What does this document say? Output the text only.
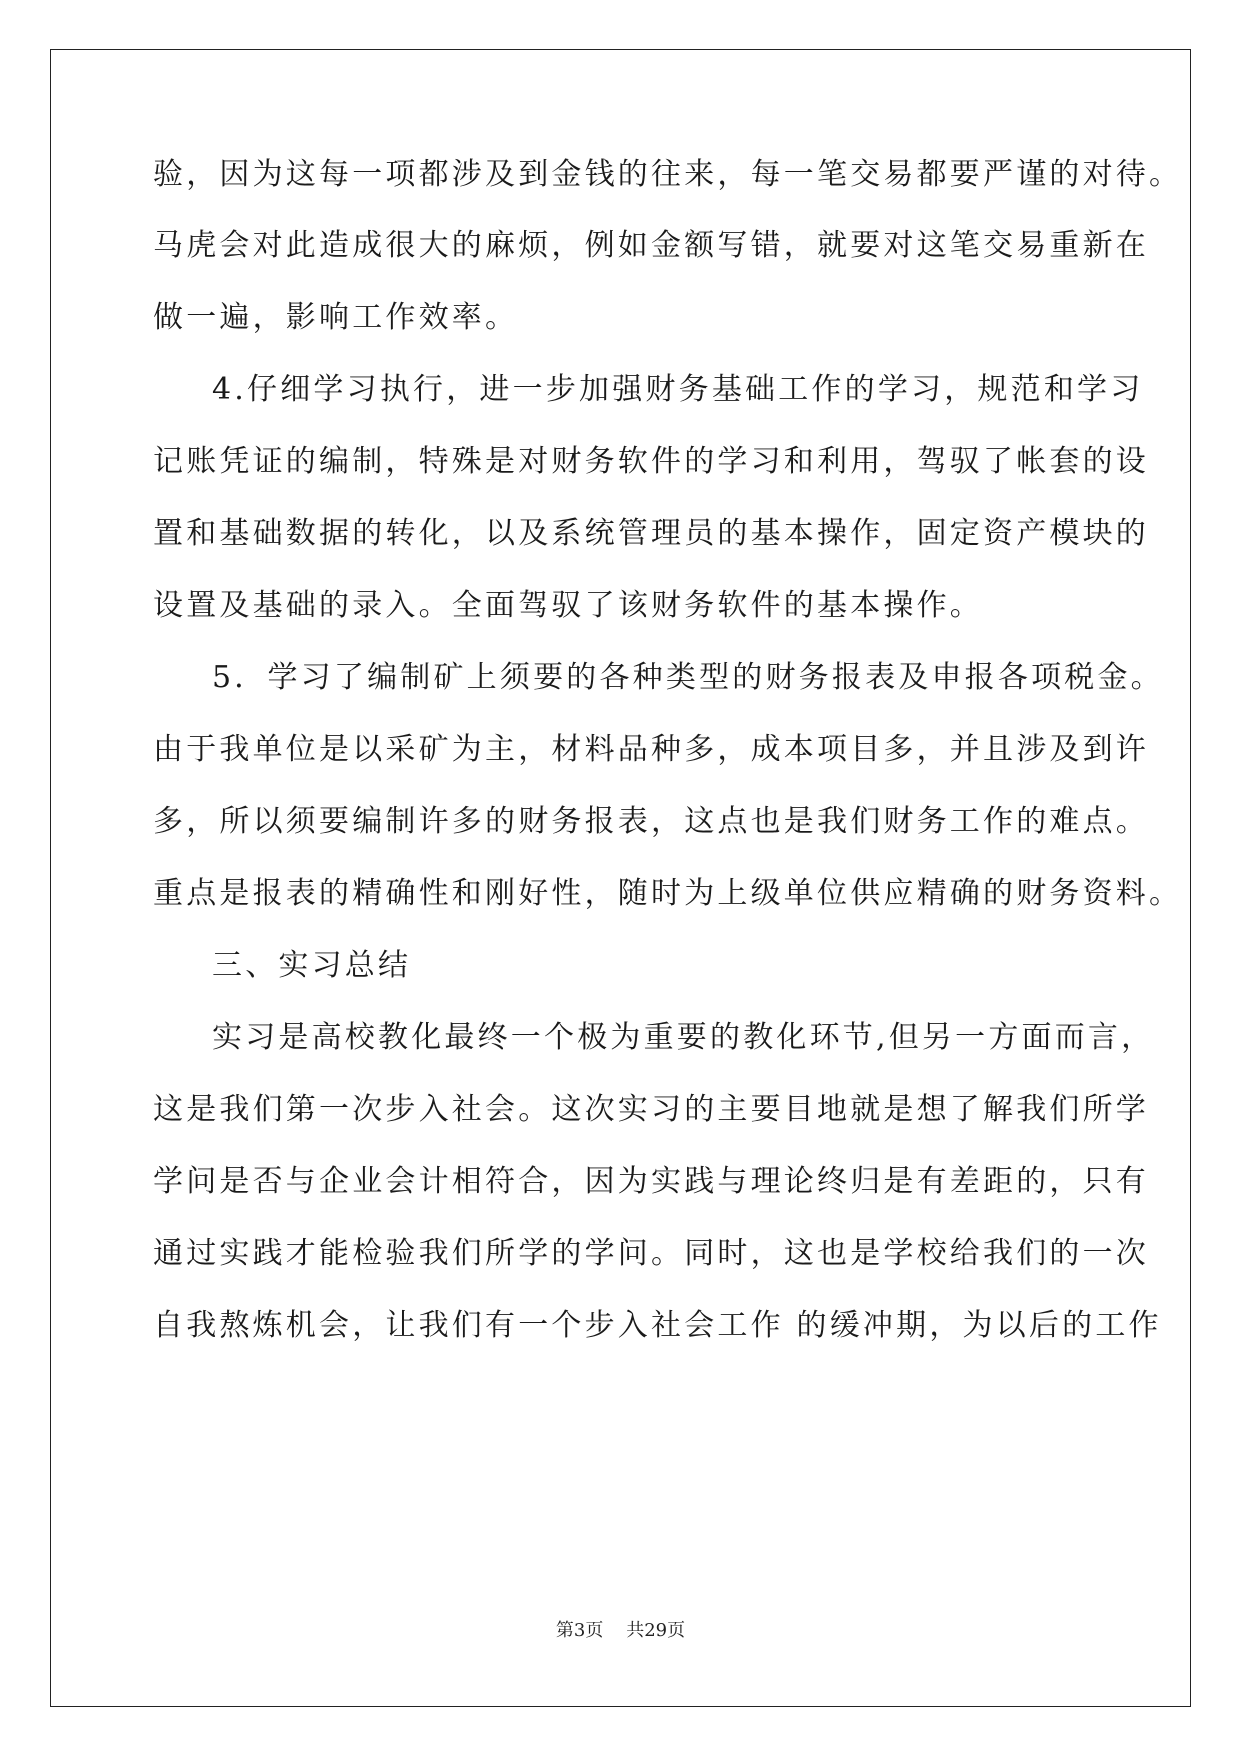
验，因为这每一项都涉及到金钱的往来，每一笔交易都要严谨的对待。

马虎会对此造成很大的麻烦，例如金额写错，就要对这笔交易重新在

做一遍，影响工作效率。

4.仔细学习执行，进一步加强财务基础工作的学习，规范和学习

记账凭证的编制，特殊是对财务软件的学习和利用，驾驭了帐套的设

置和基础数据的转化，以及系统管理员的基本操作，固定资产模块的

设置及基础的录入。全面驾驭了该财务软件的基本操作。

5．学习了编制矿上须要的各种类型的财务报表及申报各项税金。

由于我单位是以采矿为主，材料品种多，成本项目多，并且涉及到许

多，所以须要编制许多的财务报表，这点也是我们财务工作的难点。

重点是报表的精确性和刚好性，随时为上级单位供应精确的财务资料。

三、实习总结

实习是高校教化最终一个极为重要的教化环节,但另一方面而言，

这是我们第一次步入社会。这次实习的主要目地就是想了解我们所学

学问是否与企业会计相符合，因为实践与理论终归是有差距的，只有

通过实践才能检验我们所学的学问。同时，这也是学校给我们的一次

自我熬炼机会，让我们有一个步入社会工作 的缓冲期，为以后的工作

第3页    共29页
